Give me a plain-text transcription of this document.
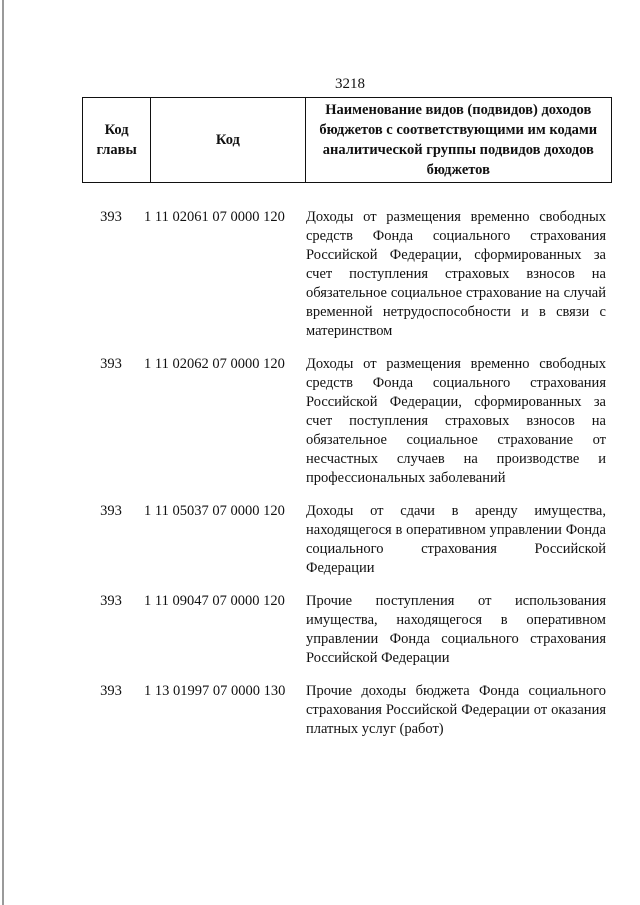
3218
Код главы	Код	Наименование видов (подвидов) доходов бюджетов с соответствующими им кодами аналитической группы подвидов доходов бюджетов
393	1 11 02061 07 0000 120	Доходы от размещения временно свободных средств Фонда социального страхования Российской Федерации, сформированных за счет поступления страховых взносов на обязательное социальное страхование на случай временной нетрудоспособности и в связи с материнством
393	1 11 02062 07 0000 120	Доходы от размещения временно свободных средств Фонда социального страхования Российской Федерации, сформированных за счет поступления страховых взносов на обязательное социальное страхование от несчастных случаев на производстве и профессиональных заболеваний
393	1 11 05037 07 0000 120	Доходы от сдачи в аренду имущества, находящегося в оперативном управлении Фонда социального страхования Российской Федерации
393	1 11 09047 07 0000 120	Прочие поступления от использования имущества, находящегося в оперативном управлении Фонда социального страхования Российской Федерации
393	1 13 01997 07 0000 130	Прочие доходы бюджета Фонда социального страхования Российской Федерации от оказания платных услуг (работ)
